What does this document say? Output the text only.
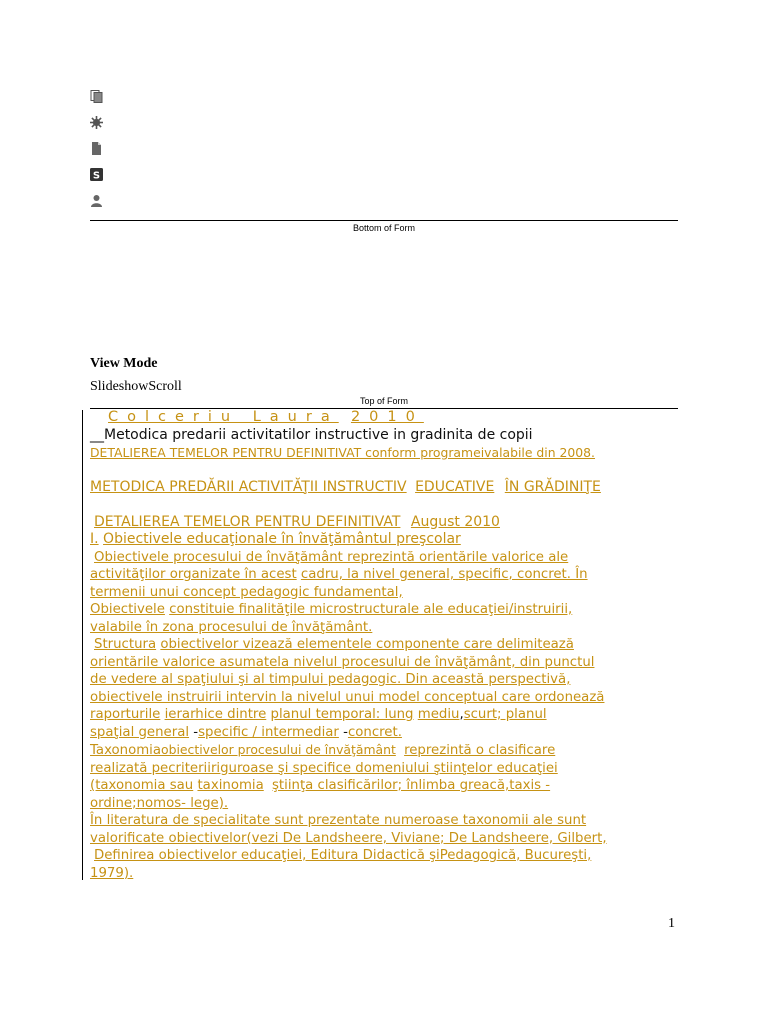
S
Bottom of Form
View Mode
SlideshowScroll
Top of Form
Colceriu Laura 2010
__Metodica predarii activitatilor instructive in gradinita de copii
DETALIEREA TEMELOR PENTRU DEFINITIVAT conform programeivalabile din 2008.
METODICA PREDĂRII ACTIVITĂŢII INSTRUCTIV EDUCATIVE ÎN GRĂDINIŢE

DETALIEREA TEMELOR PENTRU DEFINITIVAT August 2010
I. Obiectivele educaţionale în învăţământul preşcolar
Obiectivele procesului de învăţământ reprezintă orientările valorice ale
activităţilor organizate în acest cadru, la nivel general, specific, concret. În
termenii unui concept pedagogic fundamental,
Obiectivele constituie finalităţile microstructurale ale educaţiei/instruirii,
valabile în zona procesului de învăţământ.
Structura obiectivelor vizează elementele componente care delimitează
orientările valorice asumatela nivelul procesului de învăţământ, din punctul
de vedere al spaţiului şi al timpului pedagogic. Din această perspectivă,
obiectivele instruirii intervin la nivelul unui model conceptual care ordonează
raporturile ierarhice dintre planul temporal: lung mediu,scurt; planul
spaţial general -specific / intermediar -concret.
Taxonomiaobiectivelor procesului de învăţământ reprezintă o clasificare
realizată pecriteriiriguroase şi specifice domeniului ştiinţelor educaţiei
(taxonomia sau taxinomia ştiinţa clasificărilor; înlimba greacă,taxis -
ordine;nomos- lege).
În literatura de specialitate sunt prezentate numeroase taxonomii ale sunt
valorificate obiectivelor(vezi De Landsheere, Viviane; De Landsheere, Gilbert,
Definirea obiectivelor educaţiei, Editura Didactică şiPedagogică, Bucureşti,
1979).
1
